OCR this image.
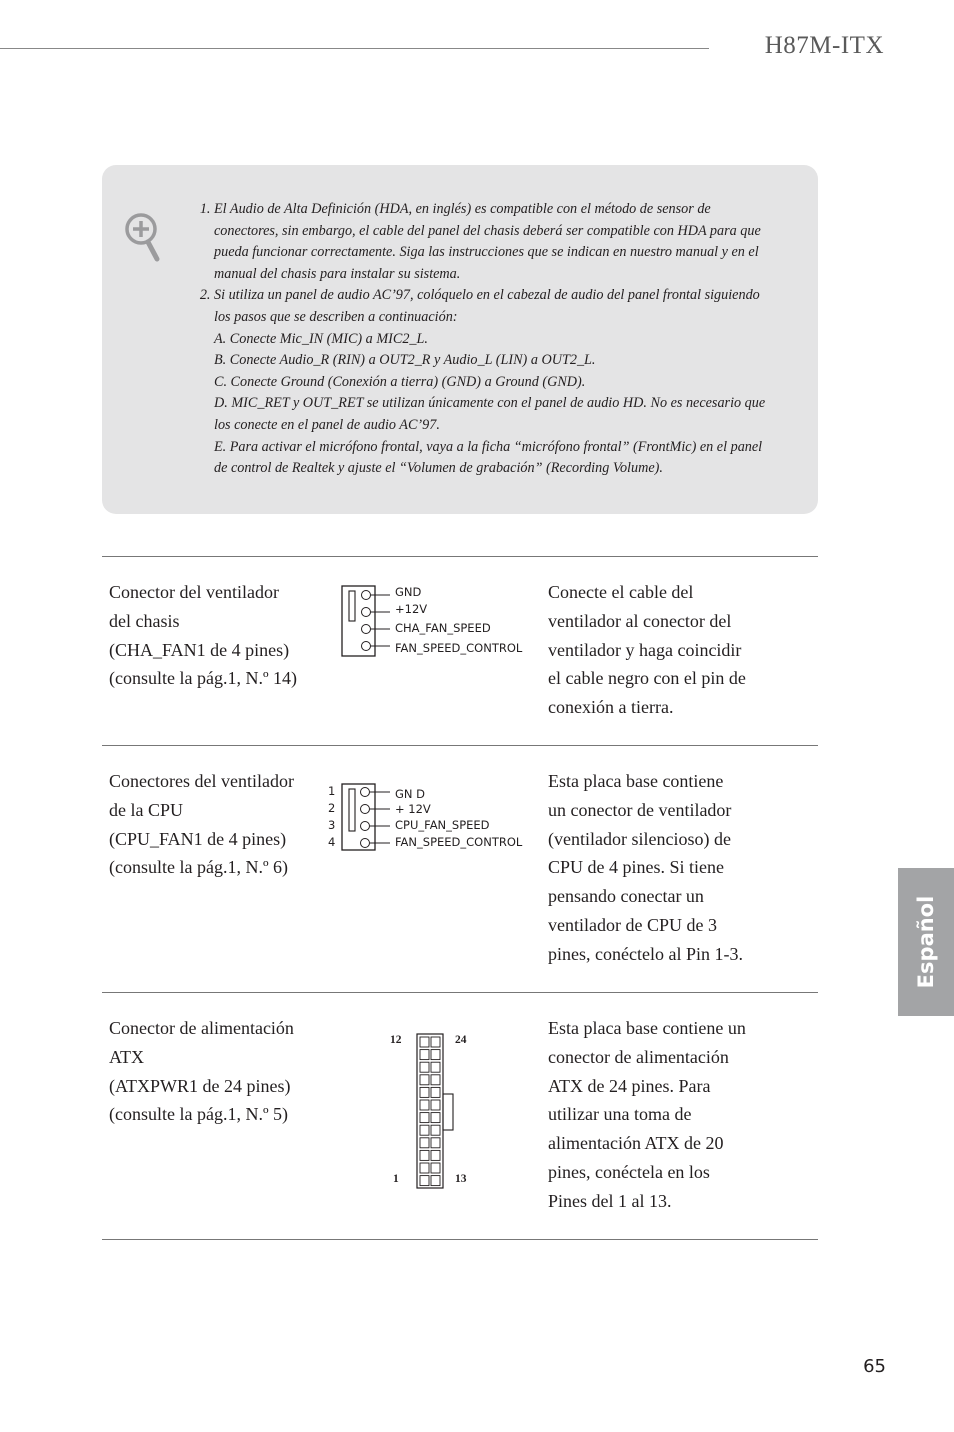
H87M-ITX
1. El Audio de Alta Definición (HDA, en inglés) es compatible con el método de sensor de conectores, sin embargo, el cable del panel del chasis deberá ser compatible con HDA para que pueda funcionar correctamente. Siga las instrucciones que se indican en nuestro manual y en el manual del chasis para instalar su sistema.
2. Si utiliza un panel de audio AC’97, colóquelo en el cabezal de audio del panel frontal siguiendo los pasos que se describen a continuación:
A. Conecte Mic_IN (MIC) a MIC2_L.
B. Conecte Audio_R (RIN) a OUT2_R y Audio_L (LIN) a OUT2_L.
C. Conecte Ground (Conexión a tierra) (GND) a Ground (GND).
D. MIC_RET y OUT_RET se utilizan únicamente con el panel de audio HD. No es necesario que los conecte en el panel de audio AC’97.
E. Para activar el micrófono frontal, vaya a la ficha “micrófono frontal” (FrontMic) en el panel de control de Realtek y ajuste el “Volumen de grabación” (Recording Volume).
Conector del ventilador
del chasis
(CHA_FAN1 de 4 pines)
(consulte la pág.1, N.º 14)
GND
+12V
CHA_FAN_SPEED
FAN_SPEED_CONTROL
Conecte el cable del
ventilador al conector del
ventilador y haga coincidir
el cable negro con el pin de
conexión a tierra.
Conectores del ventilador
de la CPU
(CPU_FAN1 de 4 pines)
(consulte la pág.1, N.º 6)
1
2
3
4
GN D
+ 12V
CPU_FAN_SPEED
FAN_SPEED_CONTROL
Esta placa base contiene
un conector de ventilador
(ventilador silencioso) de
CPU de 4 pines. Si tiene
pensando conectar un
ventilador de CPU de 3
pines, conéctelo al Pin 1-3.
Conector de alimentación
ATX
(ATXPWR1 de 24 pines)
(consulte la pág.1, N.º 5)
12	24
1	13
Esta placa base contiene un
conector de alimentación
ATX de 24 pines. Para
utilizar una toma de
alimentación ATX de 20
pines, conéctela en los
Pines del 1 al 13.
Español
65
